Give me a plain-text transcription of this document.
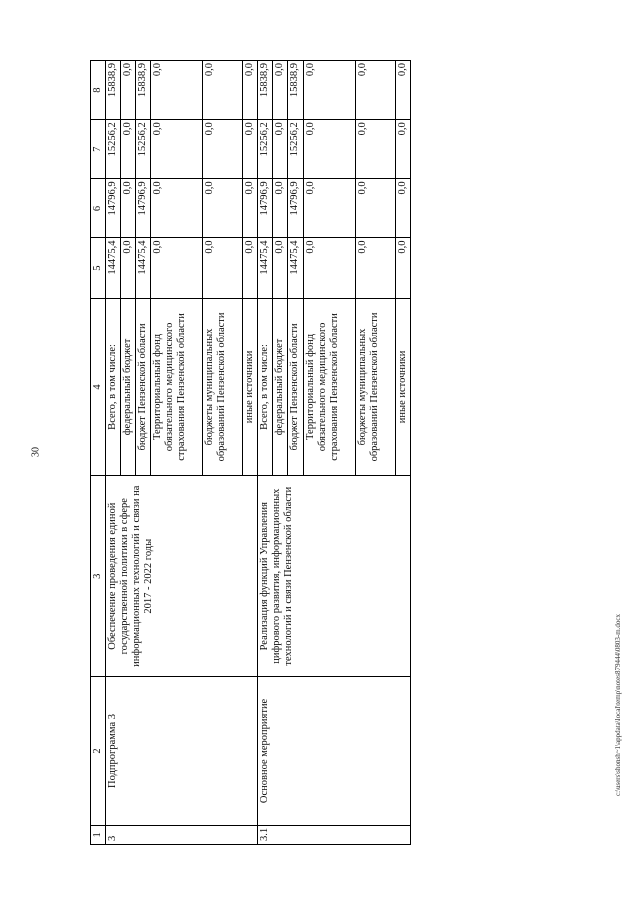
30
c:\users\shonsh~1\appdata\local\temp\notes879444\0803-m.docx
1	2	3	4	5	6	7	8
3	Подпрограмма 3	Обеспечение проведения единой государственной политики в сфере информационных технологий и связи на 2017 - 2022 годы	Всего, в том числе:	14475,4	14796,9	15256,2	15838,9
			федеральный бюджет	0,0	0,0	0,0	0,0
			бюджет Пензенской области	14475,4	14796,9	15256,2	15838,9
			Территориальный фонд обязательного медицинского страхования Пензенской области	0,0	0,0	0,0	0,0
			бюджеты муниципальных образований Пензенской области	0,0	0,0	0,0	0,0
			иные источники	0,0	0,0	0,0	0,0
3.1	Основное мероприятие	Реализация функций Управления цифрового развития, информационных технологий и связи Пензенской области	Всего, в том числе:	14475,4	14796,9	15256,2	15838,9
			федеральный бюджет	0,0	0,0	0,0	0,0
			бюджет Пензенской области	14475,4	14796,9	15256,2	15838,9
			Территориальный фонд обязательного медицинского страхования Пензенской области	0,0	0,0	0,0	0,0
			бюджеты муниципальных образований Пензенской области	0,0	0,0	0,0	0,0
			иные источники	0,0	0,0	0,0	0,0
